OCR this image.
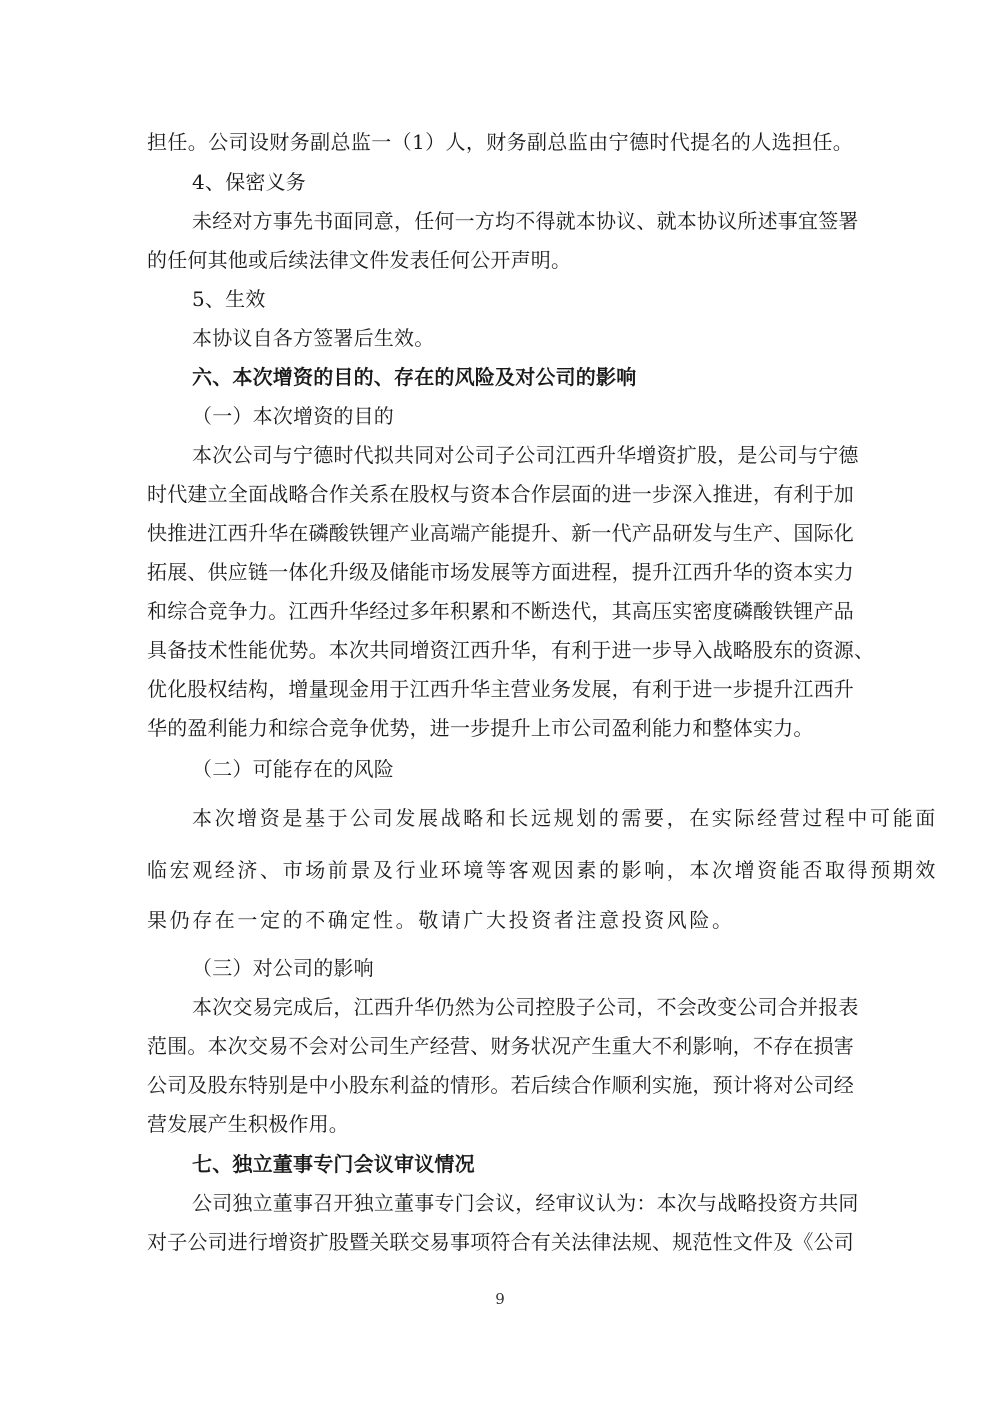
担任。公司设财务副总监一（1）人，财务副总监由宁德时代提名的人选担任。
4、保密义务
未经对方事先书面同意，任何一方均不得就本协议、就本协议所述事宜签署
的任何其他或后续法律文件发表任何公开声明。
5、生效
本协议自各方签署后生效。
六、本次增资的目的、存在的风险及对公司的影响
（一）本次增资的目的
本次公司与宁德时代拟共同对公司子公司江西升华增资扩股，是公司与宁德
时代建立全面战略合作关系在股权与资本合作层面的进一步深入推进，有利于加
快推进江西升华在磷酸铁锂产业高端产能提升、新一代产品研发与生产、国际化
拓展、供应链一体化升级及储能市场发展等方面进程，提升江西升华的资本实力
和综合竞争力。江西升华经过多年积累和不断迭代，其高压实密度磷酸铁锂产品
具备技术性能优势。本次共同增资江西升华，有利于进一步导入战略股东的资源、
优化股权结构，增量现金用于江西升华主营业务发展，有利于进一步提升江西升
华的盈利能力和综合竞争优势，进一步提升上市公司盈利能力和整体实力。
（二）可能存在的风险
本次增资是基于公司发展战略和长远规划的需要，在实际经营过程中可能面
临宏观经济、市场前景及行业环境等客观因素的影响，本次增资能否取得预期效
果仍存在一定的不确定性。敬请广大投资者注意投资风险。
（三）对公司的影响
本次交易完成后，江西升华仍然为公司控股子公司，不会改变公司合并报表
范围。本次交易不会对公司生产经营、财务状况产生重大不利影响，不存在损害
公司及股东特别是中小股东利益的情形。若后续合作顺利实施，预计将对公司经
营发展产生积极作用。
七、独立董事专门会议审议情况
公司独立董事召开独立董事专门会议，经审议认为：本次与战略投资方共同
对子公司进行增资扩股暨关联交易事项符合有关法律法规、规范性文件及《公司
9
